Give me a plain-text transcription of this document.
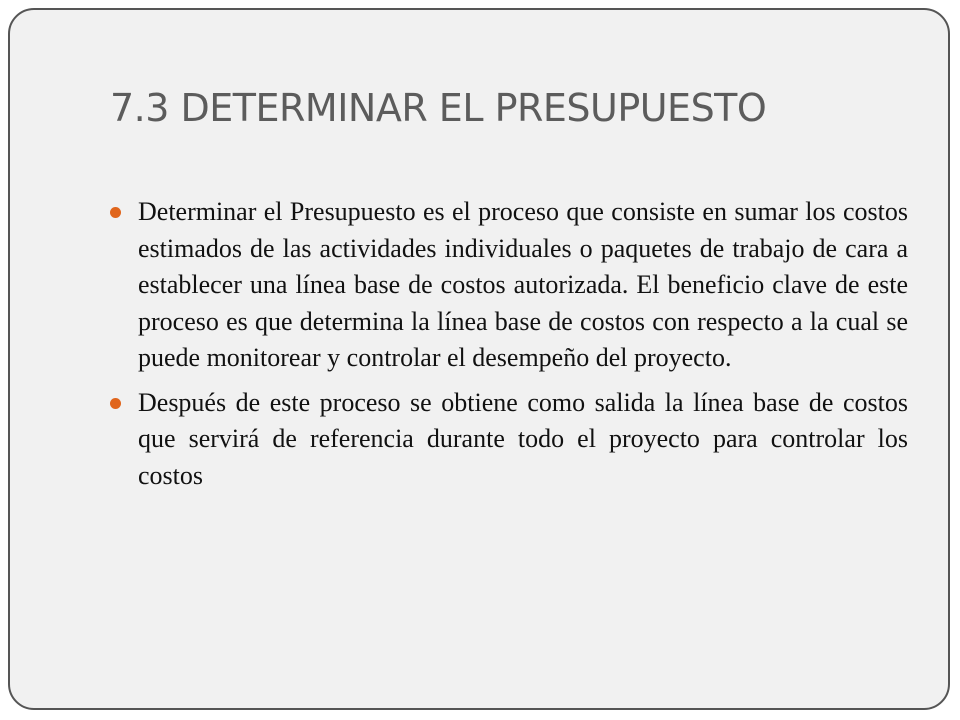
7.3 DETERMINAR EL PRESUPUESTO
Determinar el Presupuesto es el proceso que consiste en sumar los costos estimados de las actividades individuales o paquetes de trabajo de cara a establecer una línea base de costos autorizada. El beneficio clave de este proceso es que determina la línea base de costos con respecto a la cual se puede monitorear y controlar el desempeño del proyecto.
Después de este proceso se obtiene como salida la línea base de costos que servirá de referencia durante todo el proyecto para controlar los costos
